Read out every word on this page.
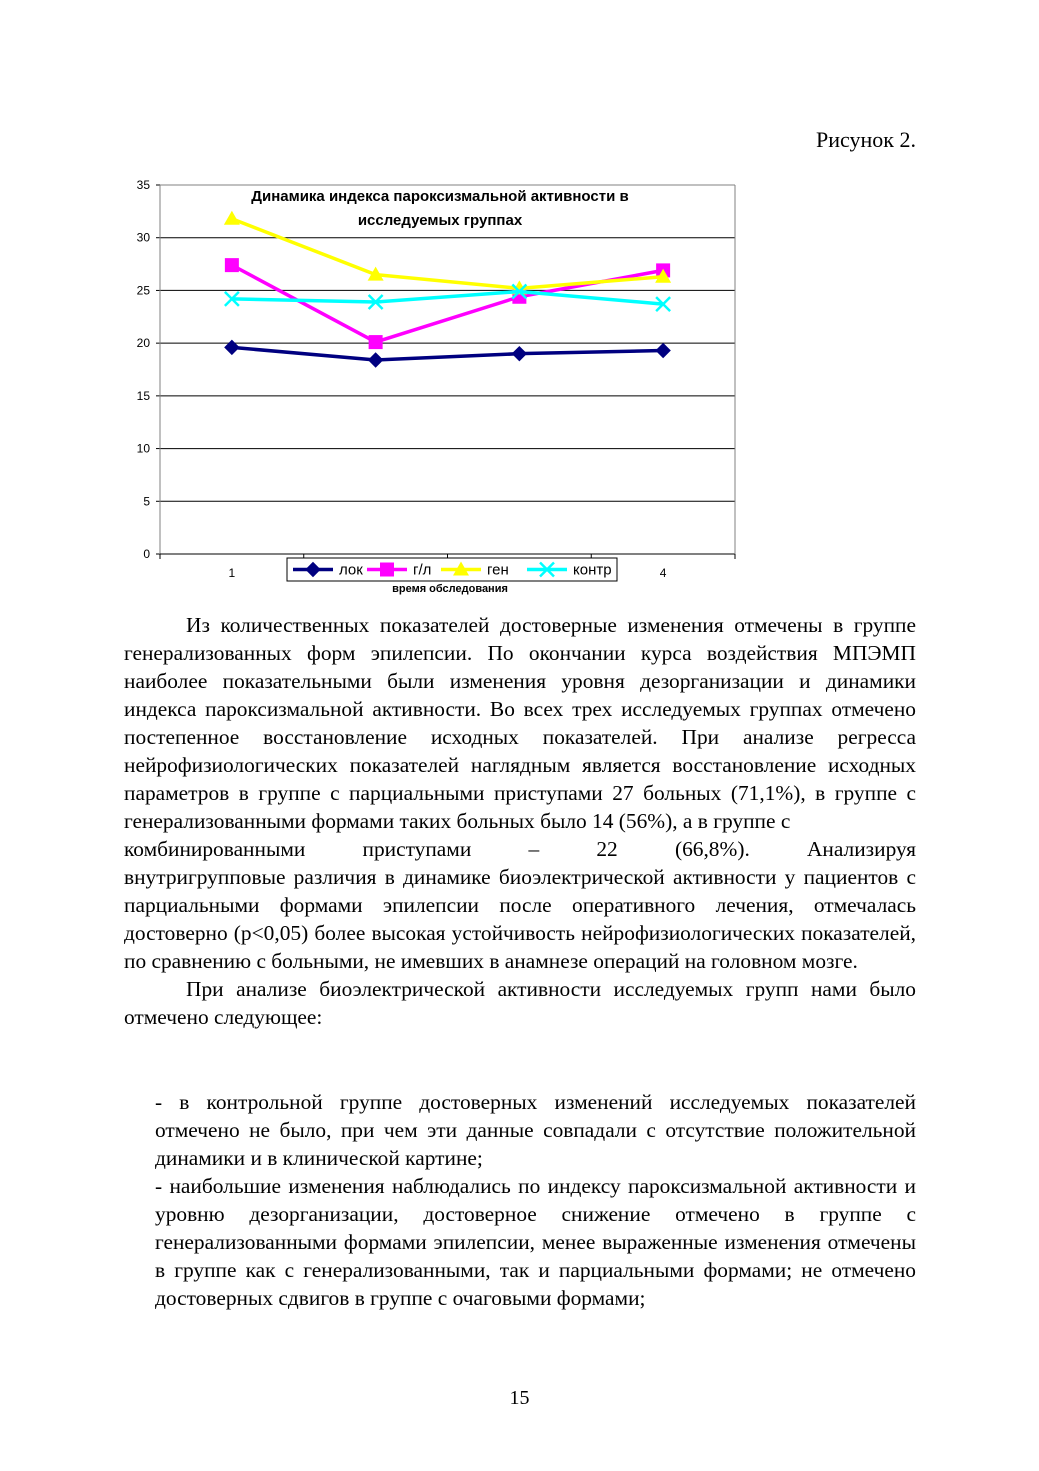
Рисунок 2.
0
5
10
15
20
25
30
35
1	4
Динамика индекса пароксизмальной активности в
исследуемых группах
лок	г/л	ген	контр
время обследования

Из количественных показателей достоверные изменения отмечены в группе генерализованных форм эпилепсии. По окончании курса воздействия МПЭМП наиболее показательными были изменения уровня дезорганизации и динамики индекса пароксизмальной активности. Во всех трех исследуемых группах отмечено постепенное восстановление исходных показателей. При анализе регресса нейрофизиологических показателей наглядным является восстановление исходных параметров в группе с парциальными приступами 27 больных (71,1%), в группе с генерализованными формами таких больных было 14 (56%), а в группе с

комбинированными приступами – 22 (66,8%). Анализируя

внутригрупповые различия в динамике биоэлектрической активности у пациентов с парциальными формами эпилепсии после оперативного лечения, отмечалась достоверно (p<0,05) более высокая устойчивость нейрофизиологических показателей, по сравнению с больными, не имевших в анамнезе операций на головном мозге.

При анализе биоэлектрической активности исследуемых групп нами было отмечено следующее:

- в контрольной группе достоверных изменений исследуемых показателей отмечено не было, при чем эти данные совпадали с отсутствие положительной динамики и в клинической картине;
- наибольшие изменения наблюдались по индексу пароксизмальной активности и уровню дезорганизации, достоверное снижение отмечено в группе с генерализованными формами эпилепсии, менее выраженные изменения отмечены в группе как с генерализованными, так и парциальными формами; не отмечено достоверных сдвигов в группе с очаговыми формами;
15
